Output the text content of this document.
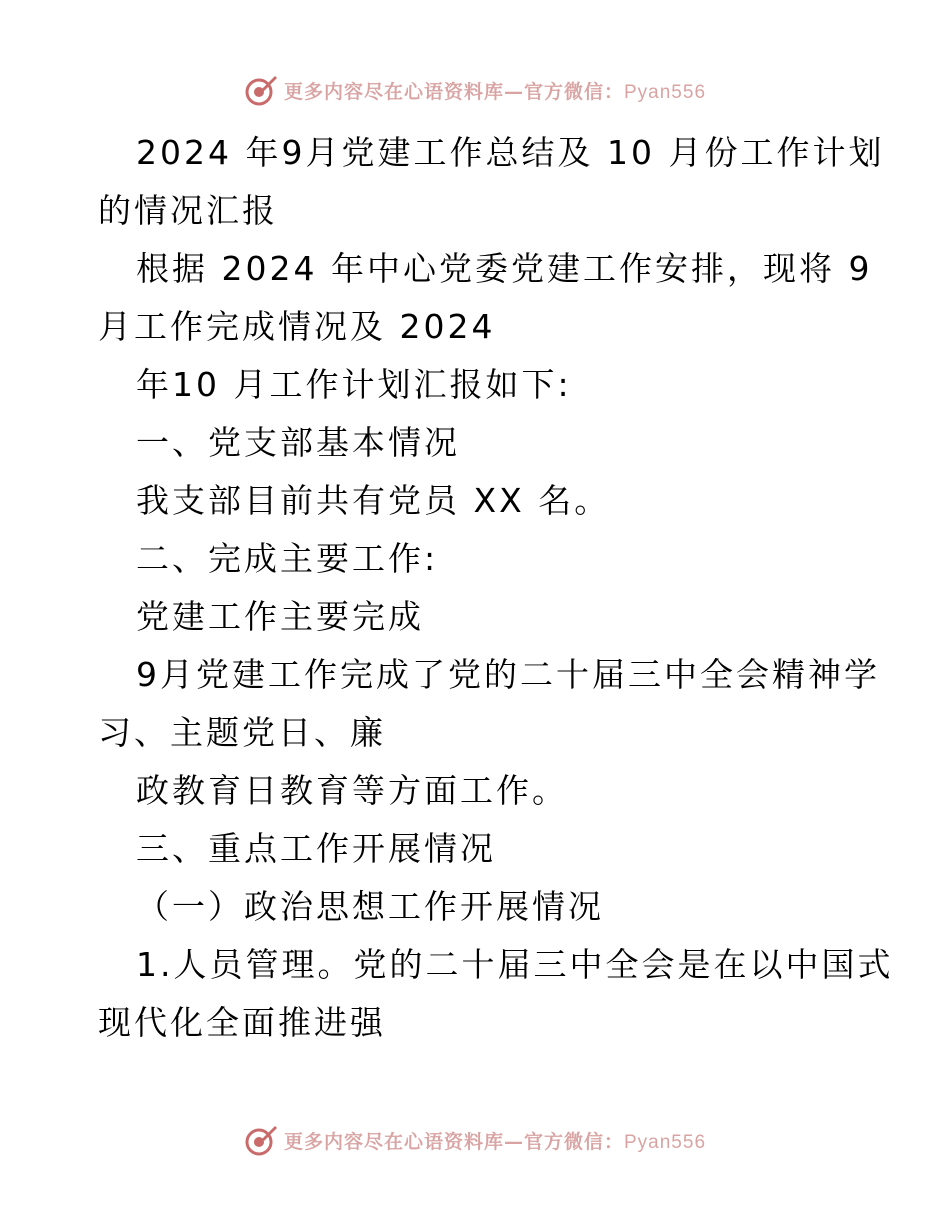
更多内容尽在心语资料库—官方微信：Pyan556
2024 年9月党建工作总结及 10 月份工作计划
的情况汇报
根据 2024 年中心党委党建工作安排，现将 9
月工作完成情况及 2024
年10 月工作计划汇报如下:
一、党支部基本情况
我支部目前共有党员 XX 名。
二、完成主要工作:
党建工作主要完成
9月党建工作完成了党的二十届三中全会精神学
习、主题党日、廉
政教育日教育等方面工作。
三、重点工作开展情况
（一）政治思想工作开展情况
1.人员管理。党的二十届三中全会是在以中国式
现代化全面推进强
更多内容尽在心语资料库—官方微信：Pyan556
